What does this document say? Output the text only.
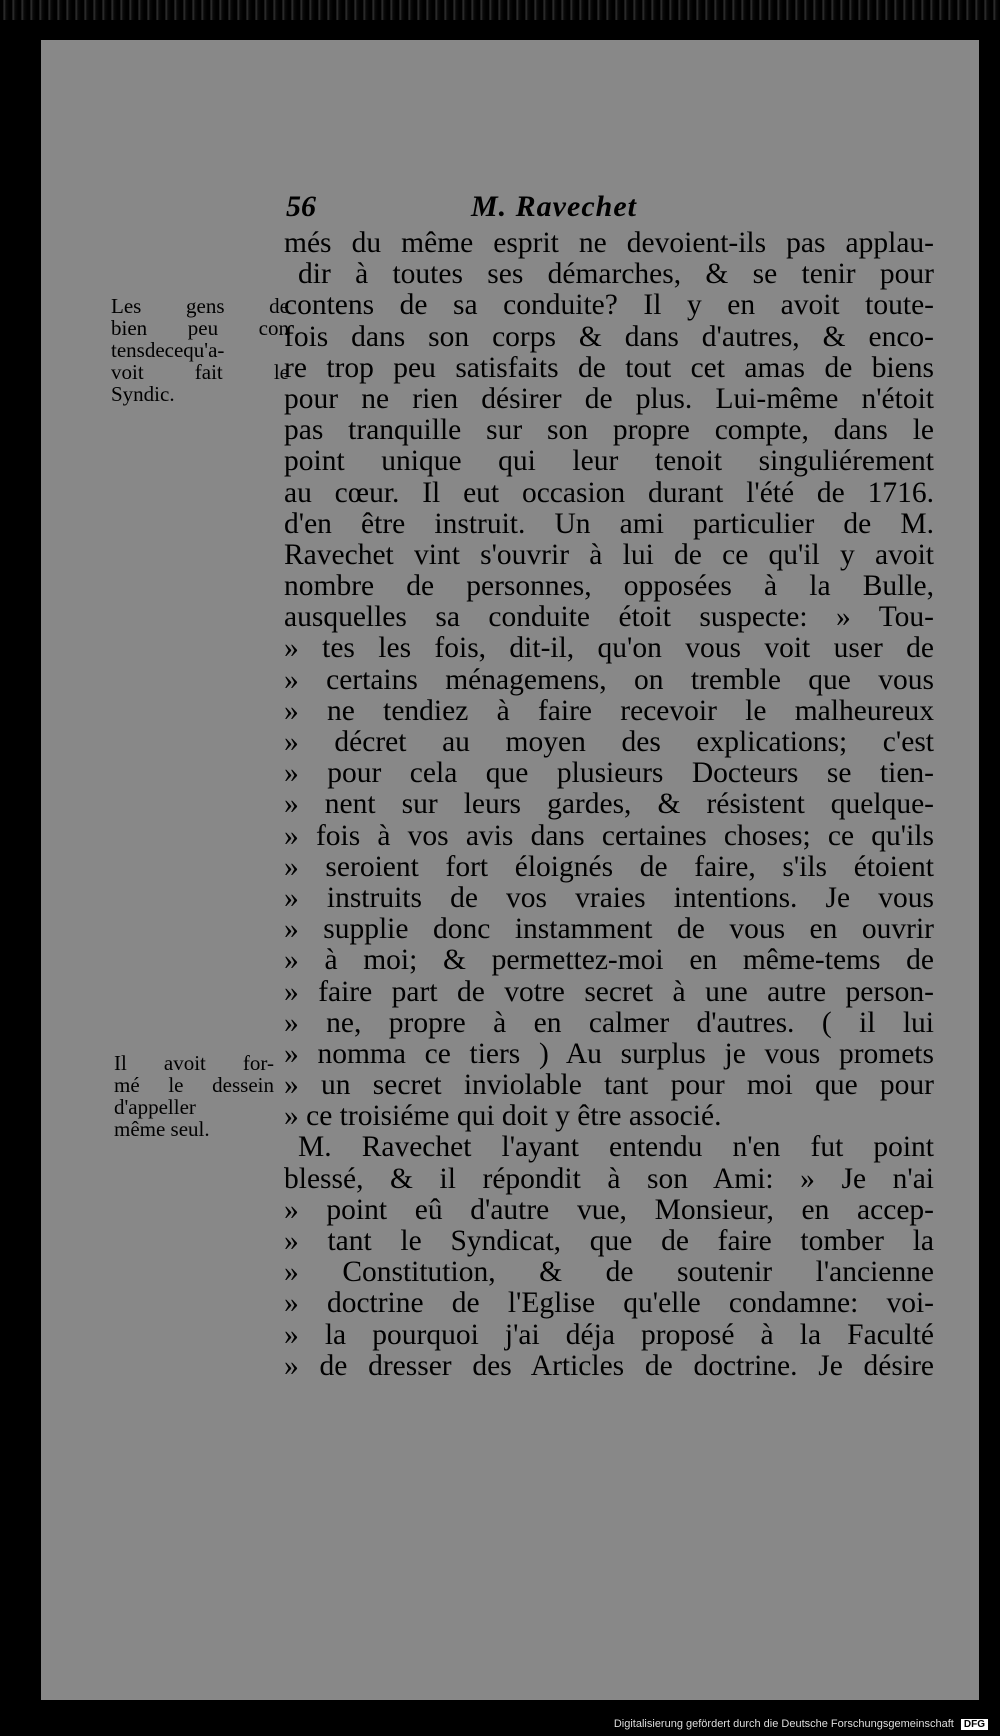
56	M. Ravechet
Les gens de
bien peu con
tensdecequ'a-
voit fait le
Syndic.
Il avoit for-
mé le dessein
d'appeller
même seul.
més du même esprit ne devoient-ils pas applau-
dir à toutes ses démarches, & se tenir pour
contens de sa conduite? Il y en avoit toute-
fois dans son corps & dans d'autres, & enco-
re trop peu satisfaits de tout cet amas de biens
pour ne rien désirer de plus. Lui-même n'étoit
pas tranquille sur son propre compte, dans le
point unique qui leur tenoit singuliérement
au cœur. Il eut occasion durant l'été de 1716.
d'en être instruit. Un ami particulier de M.
Ravechet vint s'ouvrir à lui de ce qu'il y avoit
nombre de personnes, opposées à la Bulle,
ausquelles sa conduite étoit suspecte: » Tou-
» tes les fois, dit-il, qu'on vous voit user de
» certains ménagemens, on tremble que vous
» ne tendiez à faire recevoir le malheureux
» décret au moyen des explications; c'est
» pour cela que plusieurs Docteurs se tien-
» nent sur leurs gardes, & résistent quelque-
» fois à vos avis dans certaines choses; ce qu'ils
» seroient fort éloignés de faire, s'ils étoient
» instruits de vos vraies intentions. Je vous
» supplie donc instamment de vous en ouvrir
» à moi; & permettez-moi en même-tems de
» faire part de votre secret à une autre person-
» ne, propre à en calmer d'autres. ( il lui
» nomma ce tiers ) Au surplus je vous promets
» un secret inviolable tant pour moi que pour
» ce troisiéme qui doit y être associé.
M. Ravechet l'ayant entendu n'en fut point
blessé, & il répondit à son Ami: » Je n'ai
» point eû d'autre vue, Monsieur, en accep-
» tant le Syndicat, que de faire tomber la
» Constitution, & de soutenir l'ancienne
» doctrine de l'Eglise qu'elle condamne: voi-
» la pourquoi j'ai déja proposé à la Faculté
» de dresser des Articles de doctrine. Je désire
Digitalisierung gefördert durch die Deutsche Forschungsgemeinschaft DFG
